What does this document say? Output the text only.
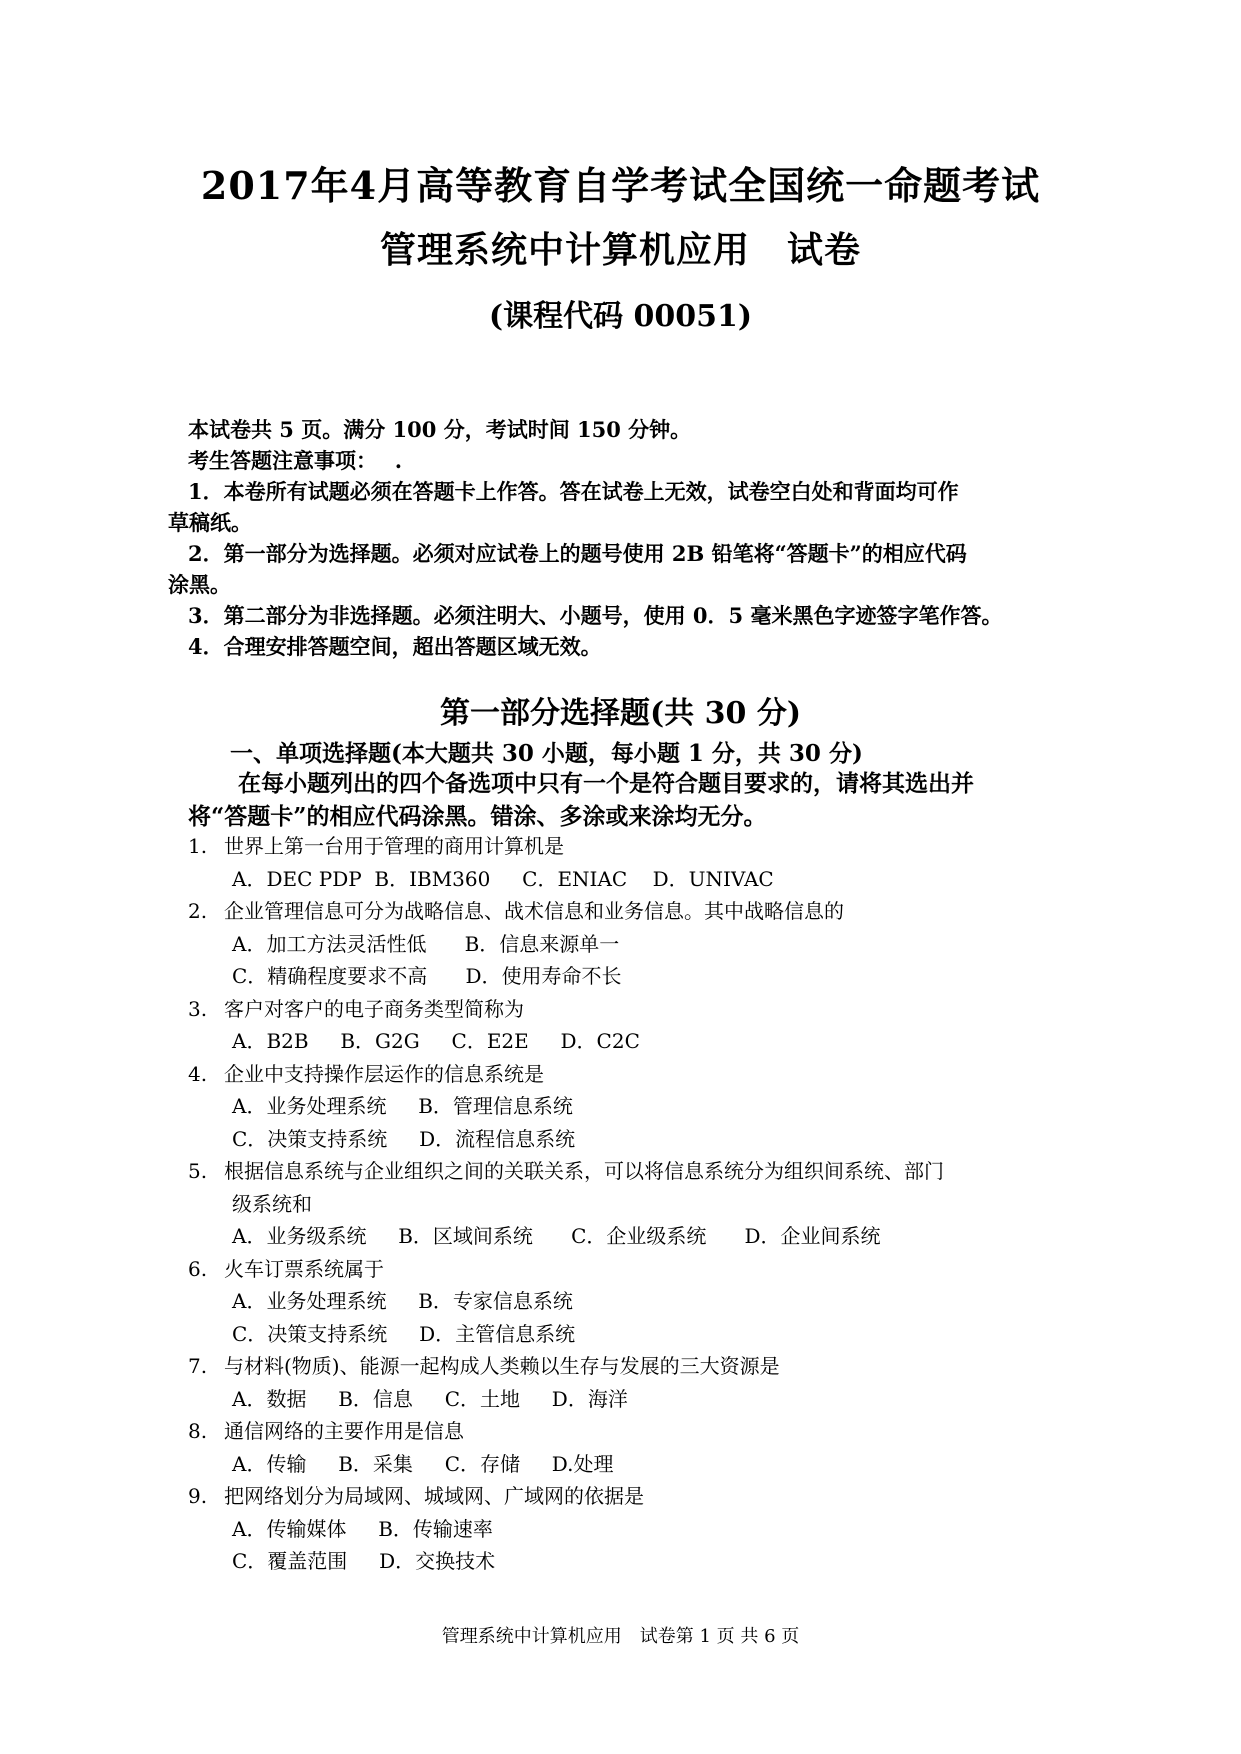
2017年4月高等教育自学考试全国统一命题考试
管理系统中计算机应用　试卷
(课程代码 00051)

本试卷共 5 页。满分 100 分，考试时间 150 分钟。

考生答题注意事项：　 .

1．本卷所有试题必须在答题卡上作答。答在试卷上无效，试卷空白处和背面均可作

草稿纸。

2．第一部分为选择题。必须对应试卷上的题号使用 2B 铅笔将“答题卡”的相应代码

涂黑。

3．第二部分为非选择题。必须注明大、小题号，使用 0．5 毫米黑色字迹签字笔作答。

4．合理安排答题空间，超出答题区域无效。

第一部分选择题(共 30 分)
一、单项选择题(本大题共 30 小题，每小题 1 分，共 30 分)
在每小题列出的四个备选项中只有一个是符合题目要求的，请将其选出并
将“答题卡”的相应代码涂黑。错涂、多涂或来涂均无分。
1. 世界上第一台用于管理的商用计算机是
A．DEC PDP  B．IBM360     C．ENIAC    D．UNIVAC
2. 企业管理信息可分为战略信息、战术信息和业务信息。其中战略信息的
A．加工方法灵活性低      B．信息来源单一
C．精确程度要求不高      D．使用寿命不长
3. 客户对客户的电子商务类型简称为
A．B2B     B．G2G     C．E2E     D．C2C
4. 企业中支持操作层运作的信息系统是
A．业务处理系统     B．管理信息系统
C．决策支持系统     D．流程信息系统
5. 根据信息系统与企业组织之间的关联关系，可以将信息系统分为组织间系统、部门
级系统和
A．业务级系统     B．区域间系统      C．企业级系统      D．企业间系统
6. 火车订票系统属于
A．业务处理系统     B．专家信息系统
C．决策支持系统     D．主管信息系统
7. 与材料(物质)、能源一起构成人类赖以生存与发展的三大资源是
A．数据     B．信息     C．土地     D．海洋
8. 通信网络的主要作用是信息
A．传输     B．采集     C．存储     D.处理
9. 把网络划分为局域网、城域网、广域网的依据是
A．传输媒体     B．传输速率
C．覆盖范围     D．交换技术
管理系统中计算机应用　试卷第 1 页 共 6 页
